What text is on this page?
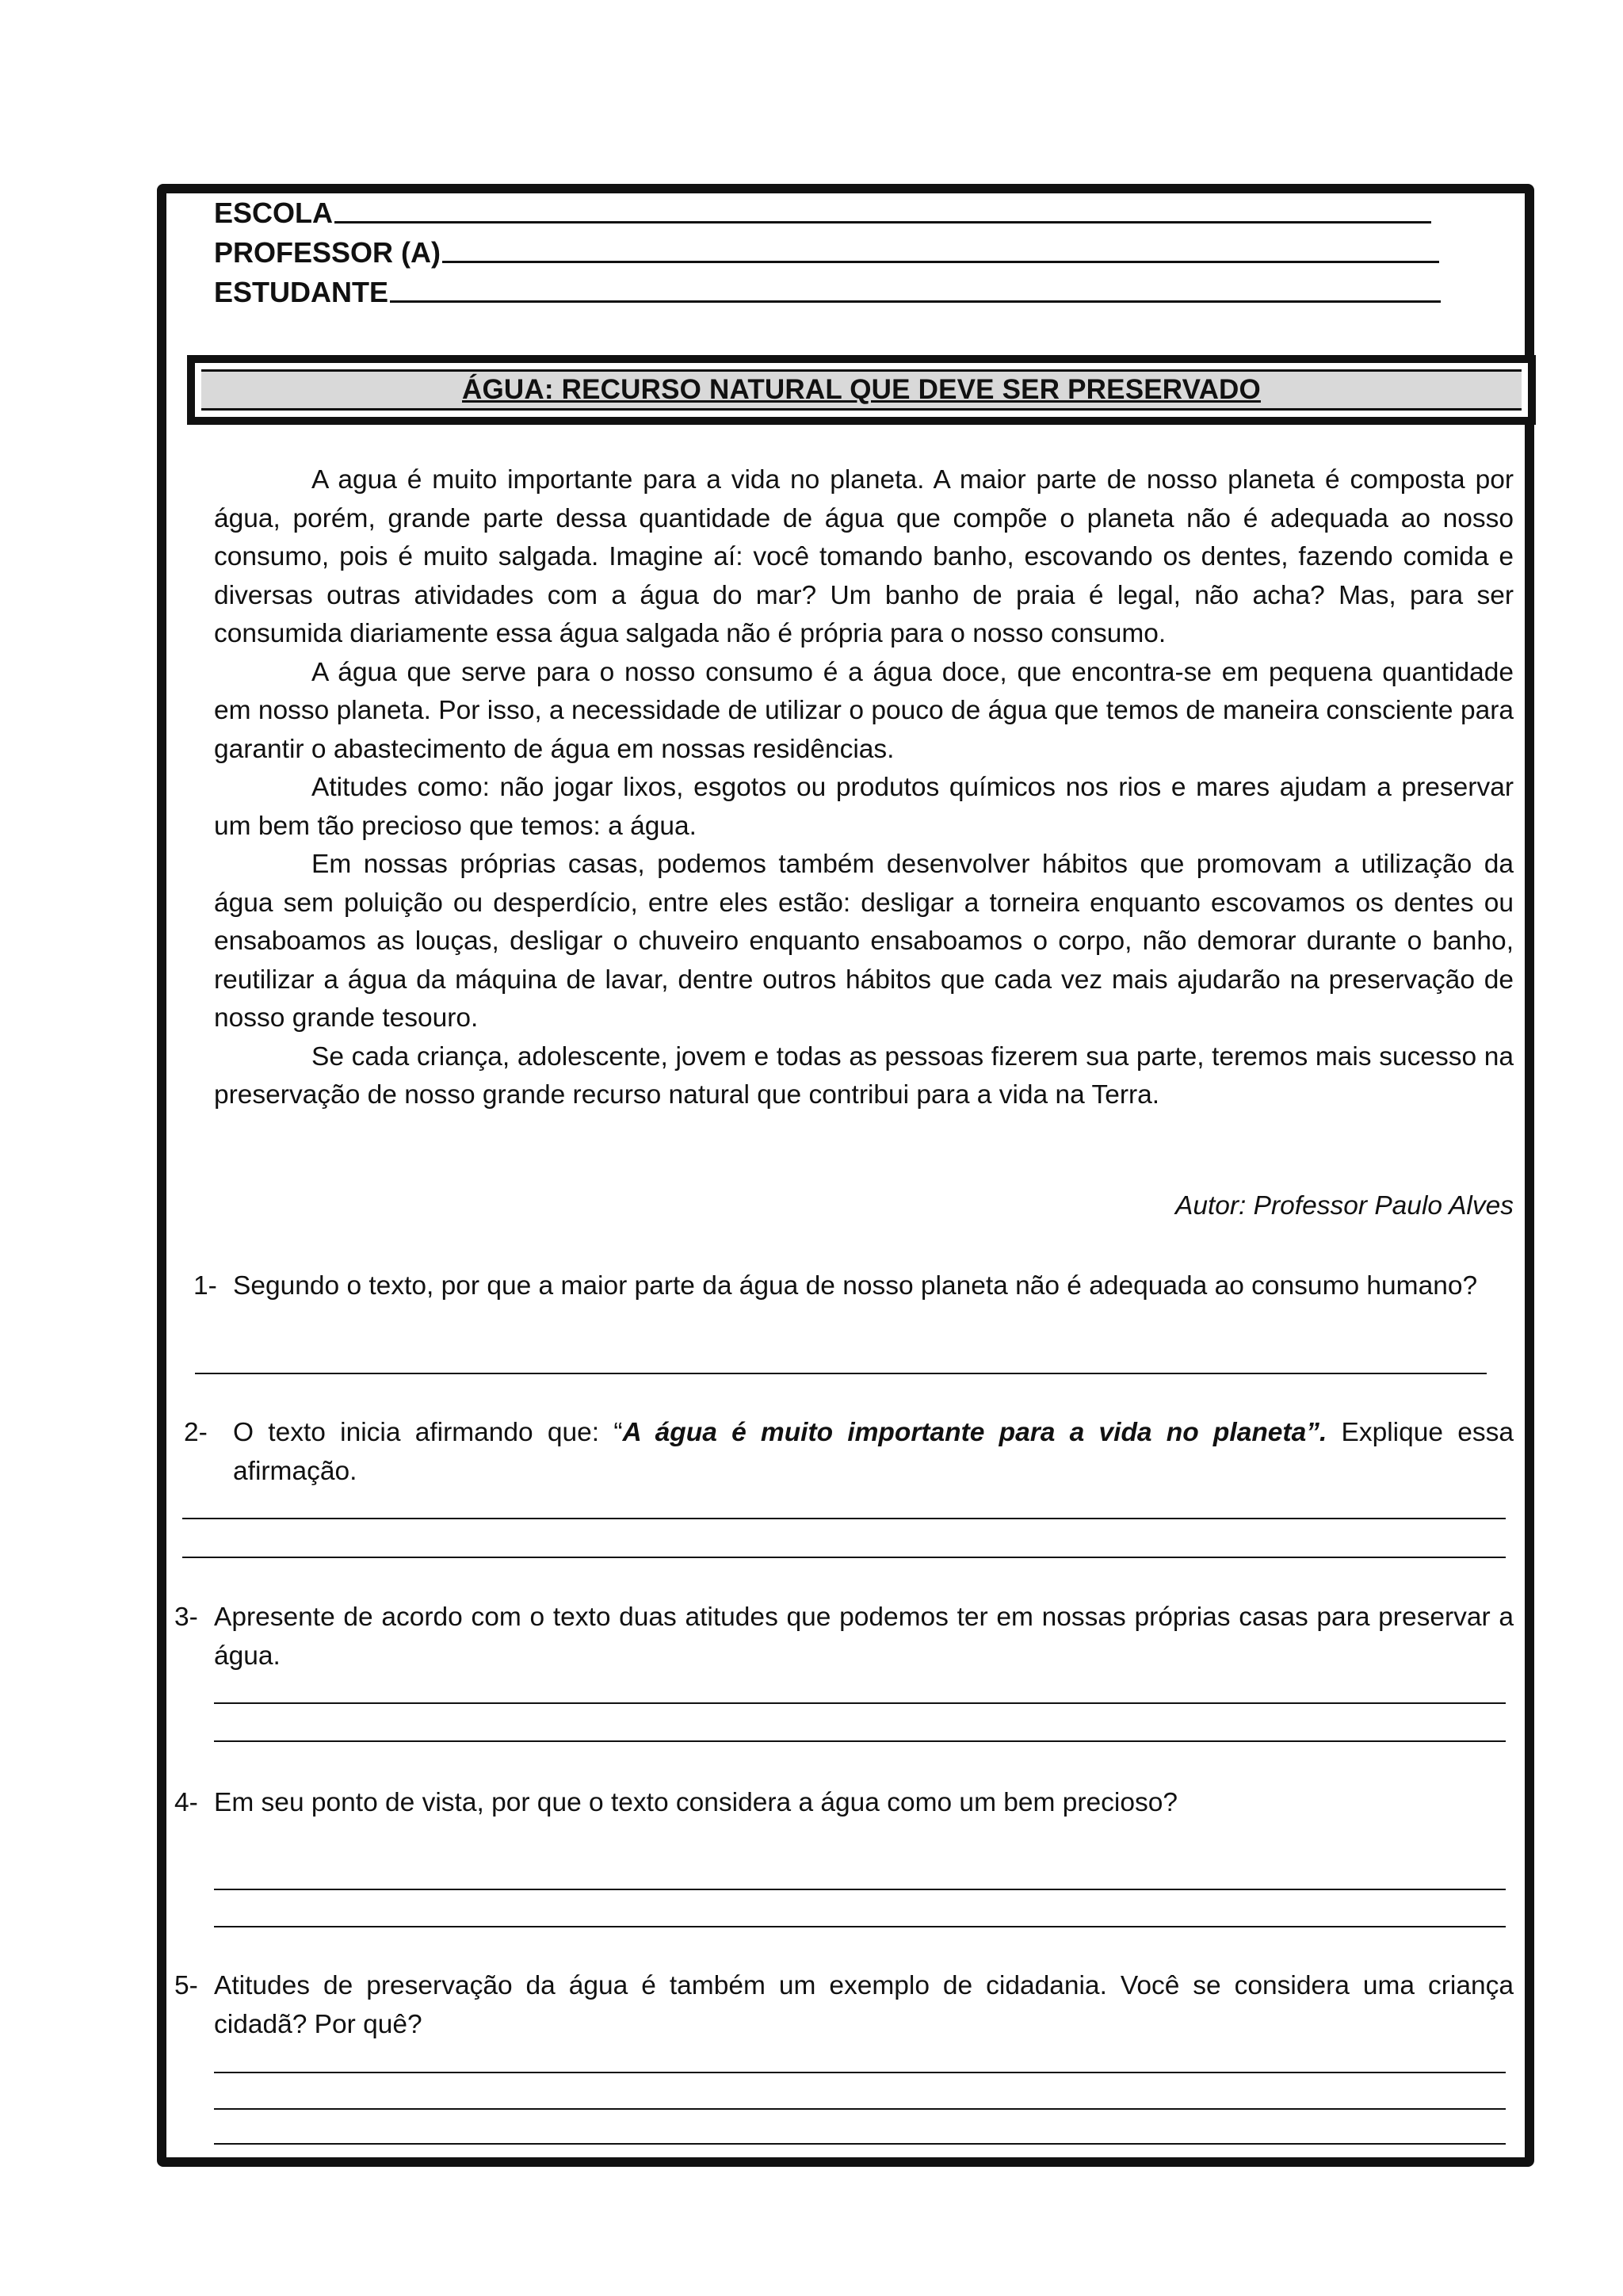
ESCOLA
PROFESSOR (A)
ESTUDANTE
ÁGUA: RECURSO NATURAL QUE DEVE SER PRESERVADO

A agua é muito importante para a vida no planeta. A maior parte de nosso planeta é composta por água, porém, grande parte dessa quantidade de água que compõe o planeta não é adequada ao nosso consumo, pois é muito salgada. Imagine aí: você tomando banho, escovando os dentes, fazendo comida e diversas outras atividades com a água do mar? Um banho de praia é legal, não acha? Mas, para ser consumida diariamente essa água salgada não é própria para o nosso consumo.

A água que serve para o nosso consumo é a água doce, que encontra-se em pequena quantidade em nosso planeta. Por isso, a necessidade de utilizar o pouco de água que temos de maneira consciente para garantir o abastecimento de água em nossas residências.

Atitudes como: não jogar lixos, esgotos ou produtos químicos nos rios e mares ajudam a preservar um bem tão precioso que temos: a água.

Em nossas próprias casas, podemos também desenvolver hábitos que promovam a utilização da água sem poluição ou desperdício, entre eles estão: desligar a torneira enquanto escovamos os dentes ou ensaboamos as louças, desligar o chuveiro enquanto ensaboamos o corpo, não demorar durante o banho, reutilizar a água da máquina de lavar, dentre outros hábitos que cada vez mais ajudarão na preservação de nosso grande tesouro.

Se cada criança, adolescente, jovem e todas as pessoas fizerem sua parte, teremos mais sucesso na preservação de nosso grande recurso natural que contribui para a vida na Terra.

Autor: Professor Paulo Alves
1- Segundo o texto, por que a maior parte da água de nosso planeta não é adequada ao consumo humano?
2- O texto inicia afirmando que: “A água é muito importante para a vida no planeta”. Explique essa afirmação.
3- Apresente de acordo com o texto duas atitudes que podemos ter em nossas próprias casas para preservar a água.
4- Em seu ponto de vista, por que o texto considera a água como um bem precioso?
5- Atitudes de preservação da água é também um exemplo de cidadania. Você se considera uma criança cidadã? Por quê?
